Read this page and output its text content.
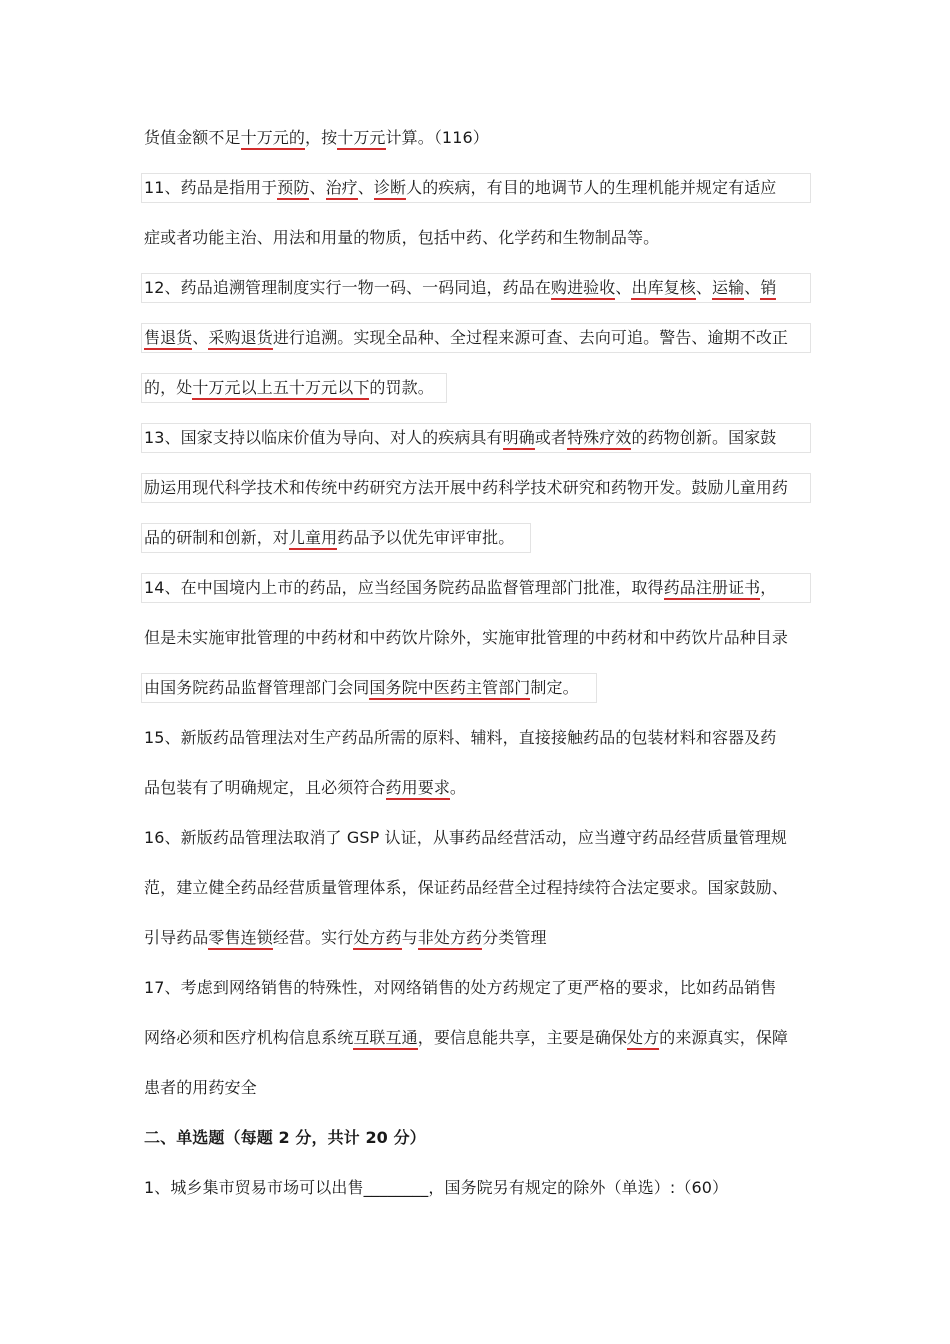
货值金额不足十万元的，按十万元计算。（116）
11、药品是指用于预防、治疗、诊断人的疾病，有目的地调节人的生理机能并规定有适应
症或者功能主治、用法和用量的物质，包括中药、化学药和生物制品等。
12、药品追溯管理制度实行一物一码、一码同追，药品在购进验收、出库复核、运输、销
售退货、采购退货进行追溯。实现全品种、全过程来源可查、去向可追。警告、逾期不改正
的，处十万元以上五十万元以下的罚款。
13、国家支持以临床价值为导向、对人的疾病具有明确或者特殊疗效的药物创新。国家鼓
励运用现代科学技术和传统中药研究方法开展中药科学技术研究和药物开发。鼓励儿童用药
品的研制和创新，对儿童用药品予以优先审评审批。
14、在中国境内上市的药品，应当经国务院药品监督管理部门批准，取得药品注册证书，
但是未实施审批管理的中药材和中药饮片除外，实施审批管理的中药材和中药饮片品种目录
由国务院药品监督管理部门会同国务院中医药主管部门制定。
15、新版药品管理法对生产药品所需的原料、辅料，直接接触药品的包装材料和容器及药
品包装有了明确规定，且必须符合药用要求。
16、新版药品管理法取消了 GSP 认证，从事药品经营活动，应当遵守药品经营质量管理规
范，建立健全药品经营质量管理体系，保证药品经营全过程持续符合法定要求。国家鼓励、
引导药品零售连锁经营。实行处方药与非处方药分类管理
17、考虑到网络销售的特殊性，对网络销售的处方药规定了更严格的要求，比如药品销售
网络必须和医疗机构信息系统互联互通，要信息能共享，主要是确保处方的来源真实，保障
患者的用药安全
二、单选题（每题 2 分，共计 20 分）
1、城乡集市贸易市场可以出售________，国务院另有规定的除外（单选）:（60）
